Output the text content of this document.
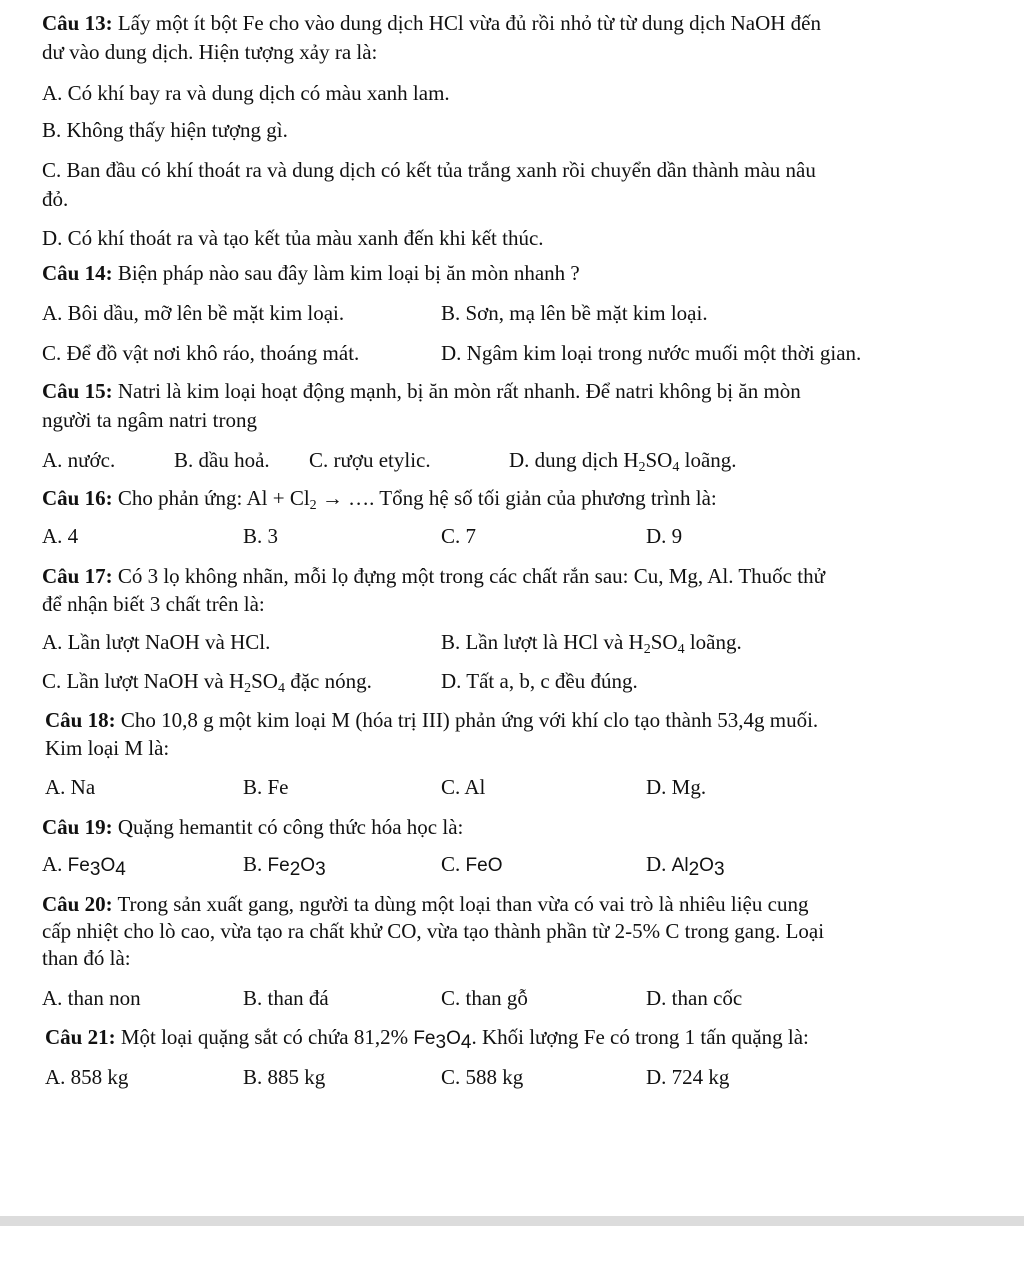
Câu 13: Lấy một ít bột Fe cho vào dung dịch HCl vừa đủ rồi nhỏ từ từ dung dịch NaOH đến
dư vào dung dịch. Hiện tượng xảy ra là:
A. Có khí bay ra và dung dịch có màu xanh lam.
B. Không thấy hiện tượng gì.
C. Ban đầu có khí thoát ra và dung dịch có kết tủa trắng xanh rồi chuyển dần thành màu nâu
đỏ.
D. Có khí thoát ra và tạo kết tủa màu xanh đến khi kết thúc.
Câu 14: Biện pháp nào sau đây làm kim loại bị ăn mòn nhanh ?
A. Bôi dầu, mỡ lên bề mặt kim loại.	B. Sơn, mạ lên bề mặt kim loại.
C. Để đồ vật nơi khô ráo, thoáng mát.	D. Ngâm kim loại trong nước muối một thời gian.
Câu 15: Natri là kim loại hoạt động mạnh, bị ăn mòn rất nhanh. Để natri không bị ăn mòn
người ta ngâm natri trong
A. nước.	B. dầu hoả. C. rượu etylic.	D. dung dịch $H_2SO_4$ loãng.
Câu 16: Cho phản ứng: $Al + Cl_2$ → …. Tổng hệ số tối giản của phương trình là:
A. 4	B. 3	C. 7	D. 9
Câu 17: Có 3 lọ không nhãn, mỗi lọ đựng một trong các chất rắn sau: Cu, Mg, Al. Thuốc thử
để nhận biết 3 chất trên là:
A. Lần lượt NaOH và HCl.	B. Lần lượt là HCl và $H_2SO_4$ loãng.
C. Lần lượt NaOH và $H_2SO_4$ đặc nóng.	D. Tất a, b, c đều đúng.
Câu 18: Cho 10,8 g một kim loại M (hóa trị III) phản ứng với khí clo tạo thành 53,4g muối.
Kim loại M là:
A. Na	B. Fe	C. Al	D. Mg.
Câu 19: Quặng hemantit có công thức hóa học là:
A. $Fe_3O_4$	B. $Fe_2O_3$	C. FeO	D. $Al_2O_3$
Câu 20: Trong sản xuất gang, người ta dùng một loại than vừa có vai trò là nhiêu liệu cung
cấp nhiệt cho lò cao, vừa tạo ra chất khử CO, vừa tạo thành phần từ 2-5% C trong gang. Loại
than đó là:
A. than non	B. than đá	C. than gỗ	D. than cốc
Câu 21: Một loại quặng sắt có chứa 81,2% $Fe_3O_4$. Khối lượng Fe có trong 1 tấn quặng là:
A. 858 kg	B. 885 kg	C. 588 kg	D. 724 kg
